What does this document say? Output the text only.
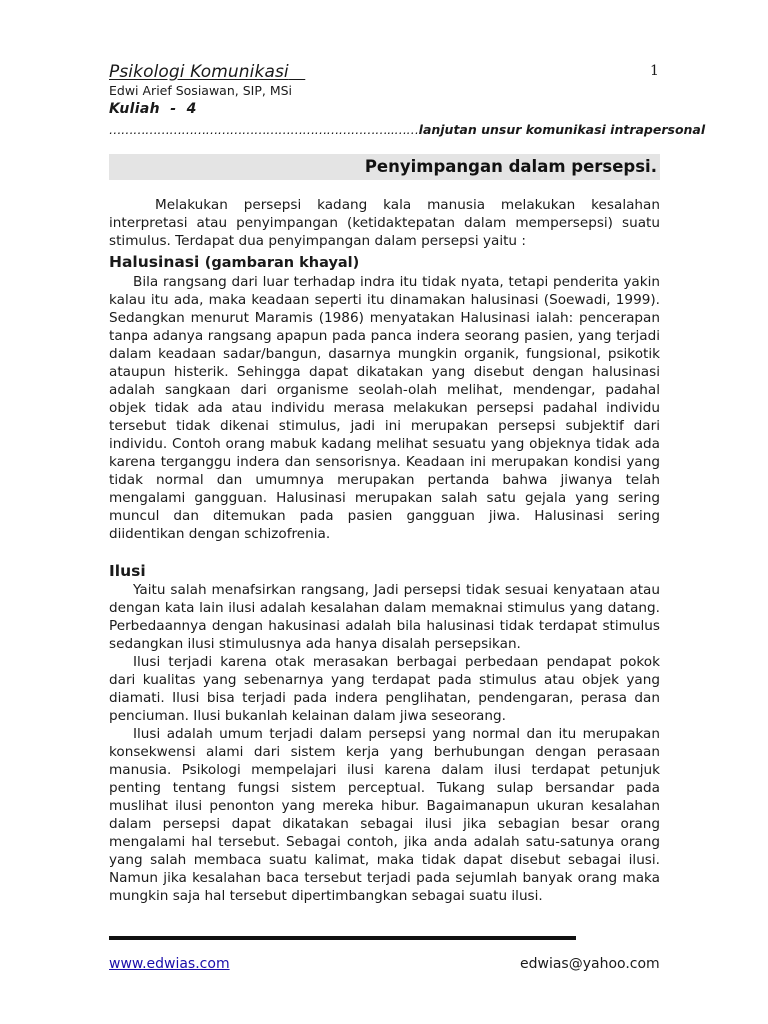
Psikologi Komunikasi	1
Edwi Arief Sosiawan, SIP, MSi
Kuliah  -  4
……………………………………………………………..……lanjutan unsur komunikasi intrapersonal
Penyimpangan dalam persepsi.

Melakukan persepsi kadang kala manusia melakukan kesalahan interpretasi atau penyimpangan (ketidaktepatan dalam mempersepsi) suatu stimulus. Terdapat dua penyimpangan dalam persepsi yaitu :

Halusinasi (gambaran khayal)

Bila rangsang dari luar terhadap indra itu tidak nyata, tetapi penderita yakin kalau itu ada, maka keadaan seperti itu dinamakan halusinasi (Soewadi, 1999). Sedangkan menurut Maramis (1986) menyatakan Halusinasi ialah: pencerapan tanpa adanya rangsang apapun pada panca indera seorang pasien, yang terjadi dalam keadaan sadar/bangun, dasarnya mungkin organik, fungsional, psikotik ataupun histerik. Sehingga dapat dikatakan yang disebut dengan halusinasi adalah sangkaan dari organisme seolah-olah melihat, mendengar, padahal objek tidak ada atau individu merasa melakukan persepsi padahal individu tersebut tidak dikenai stimulus, jadi ini merupakan persepsi subjektif dari individu. Contoh orang mabuk kadang melihat sesuatu yang objeknya tidak ada karena terganggu indera dan sensorisnya. Keadaan ini merupakan kondisi yang tidak normal dan umumnya merupakan pertanda bahwa jiwanya telah mengalami gangguan. Halusinasi merupakan salah satu gejala yang sering muncul dan ditemukan pada pasien gangguan jiwa. Halusinasi sering diidentikan dengan schizofrenia.

Ilusi

Yaitu salah menafsirkan rangsang, Jadi persepsi tidak sesuai kenyataan atau dengan kata lain ilusi adalah kesalahan dalam memaknai stimulus yang datang. Perbedaannya dengan hakusinasi adalah bila halusinasi tidak terdapat stimulus sedangkan ilusi stimulusnya ada hanya disalah persepsikan.

Ilusi terjadi karena otak merasakan berbagai perbedaan pendapat pokok dari kualitas yang sebenarnya yang terdapat pada stimulus atau objek yang diamati. Ilusi bisa terjadi pada indera penglihatan, pendengaran, perasa dan penciuman. Ilusi bukanlah kelainan dalam jiwa seseorang.

Ilusi adalah umum terjadi dalam persepsi yang normal dan itu merupakan konsekwensi alami dari sistem kerja yang berhubungan dengan perasaan manusia. Psikologi mempelajari ilusi karena dalam ilusi terdapat petunjuk penting tentang fungsi sistem perceptual. Tukang sulap bersandar pada muslihat ilusi penonton yang mereka hibur. Bagaimanapun ukuran kesalahan dalam persepsi dapat dikatakan sebagai ilusi jika sebagian besar orang mengalami hal tersebut. Sebagai contoh, jika anda adalah satu-satunya orang yang salah membaca suatu kalimat, maka tidak dapat disebut sebagai ilusi. Namun jika kesalahan baca tersebut terjadi pada sejumlah banyak orang maka mungkin saja hal tersebut dipertimbangkan sebagai suatu ilusi.

www.edwias.com	edwias@yahoo.com
